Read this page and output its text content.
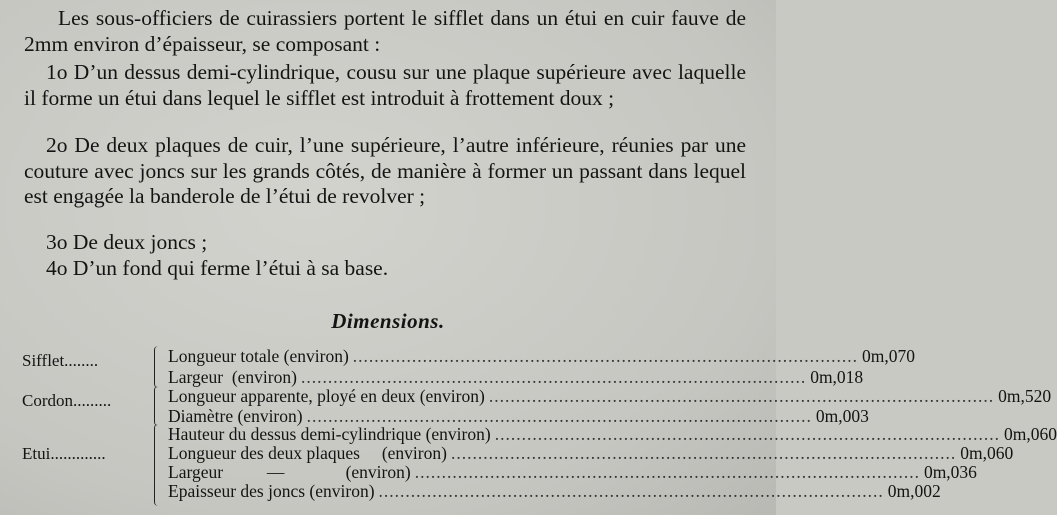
Les sous-officiers de cuirassiers portent le sifflet dans un étui en cuir fauve de 2mm environ d’épaisseur, se composant :

1o D’un dessus demi-cylindrique, cousu sur une plaque supérieure avec laquelle il forme un étui dans lequel le sifflet est introduit à frottement doux ;

2o De deux plaques de cuir, l’une supérieure, l’autre inférieure, réunies par une couture avec joncs sur les grands côtés, de manière à former un passant dans lequel est engagée la banderole de l’étui de revolver ;

3o De deux joncs ;

4o D’un fond qui ferme l’étui à sa base.

Dimensions.
Sifflet........	Longueur totale (environ) .............................................................................................. 0m,070
Largeur  (environ) .............................................................................................. 0m,018
Cordon.........	Longueur apparente, ployé en deux (environ) .............................................................................................. 0m,520
Diamètre (environ) .............................................................................................. 0m,003
Etui.............
Hauteur du dessus demi-cylindrique (environ) .............................................................................................. 0m,060
Longueur des deux plaques     (environ) .............................................................................................. 0m,060
Largeur          —              (environ) .............................................................................................. 0m,036
Epaisseur des joncs (environ) .............................................................................................. 0m,002
